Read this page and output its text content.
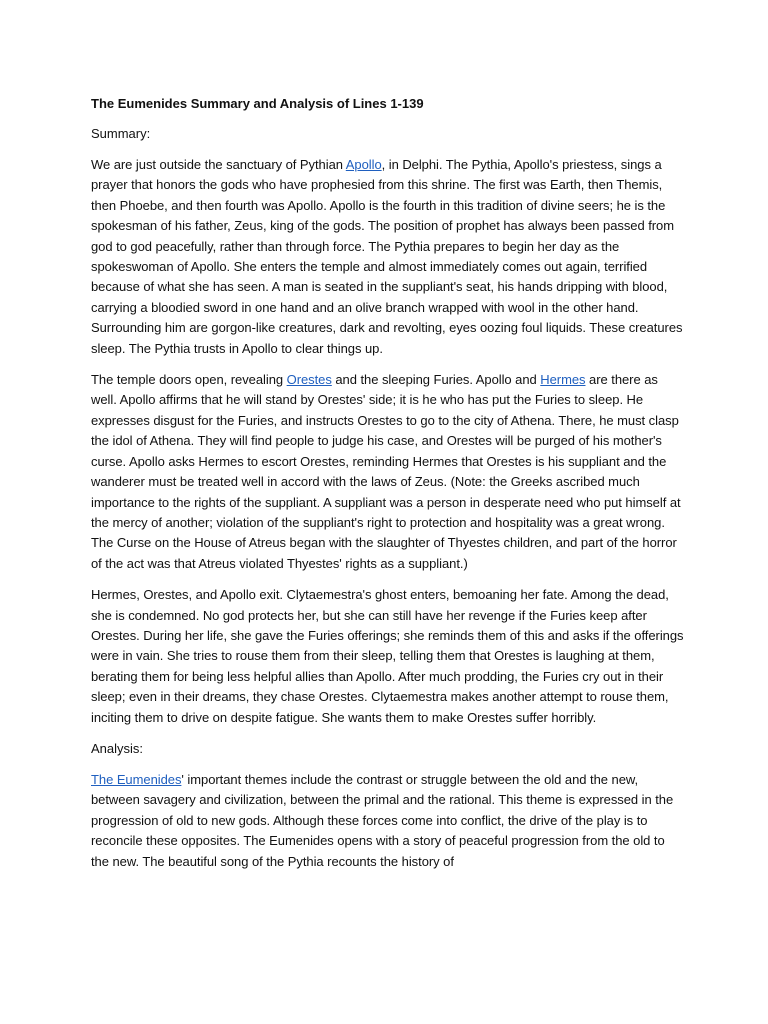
The Eumenides Summary and Analysis of Lines 1-139
Summary:

We are just outside the sanctuary of Pythian Apollo, in Delphi. The Pythia, Apollo's priestess, sings a prayer that honors the gods who have prophesied from this shrine. The first was Earth, then Themis, then Phoebe, and then fourth was Apollo. Apollo is the fourth in this tradition of divine seers; he is the spokesman of his father, Zeus, king of the gods. The position of prophet has always been passed from god to god peacefully, rather than through force. The Pythia prepares to begin her day as the spokeswoman of Apollo. She enters the temple and almost immediately comes out again, terrified because of what she has seen. A man is seated in the suppliant's seat, his hands dripping with blood, carrying a bloodied sword in one hand and an olive branch wrapped with wool in the other hand. Surrounding him are gorgon-like creatures, dark and revolting, eyes oozing foul liquids. These creatures sleep. The Pythia trusts in Apollo to clear things up.

The temple doors open, revealing Orestes and the sleeping Furies. Apollo and Hermes are there as well. Apollo affirms that he will stand by Orestes' side; it is he who has put the Furies to sleep. He expresses disgust for the Furies, and instructs Orestes to go to the city of Athena. There, he must clasp the idol of Athena. They will find people to judge his case, and Orestes will be purged of his mother's curse. Apollo asks Hermes to escort Orestes, reminding Hermes that Orestes is his suppliant and the wanderer must be treated well in accord with the laws of Zeus. (Note: the Greeks ascribed much importance to the rights of the suppliant. A suppliant was a person in desperate need who put himself at the mercy of another; violation of the suppliant's right to protection and hospitality was a great wrong. The Curse on the House of Atreus began with the slaughter of Thyestes children, and part of the horror of the act was that Atreus violated Thyestes' rights as a suppliant.)

Hermes, Orestes, and Apollo exit. Clytaemestra's ghost enters, bemoaning her fate. Among the dead, she is condemned. No god protects her, but she can still have her revenge if the Furies keep after Orestes. During her life, she gave the Furies offerings; she reminds them of this and asks if the offerings were in vain. She tries to rouse them from their sleep, telling them that Orestes is laughing at them, berating them for being less helpful allies than Apollo. After much prodding, the Furies cry out in their sleep; even in their dreams, they chase Orestes. Clytaemestra makes another attempt to rouse them, inciting them to drive on despite fatigue. She wants them to make Orestes suffer horribly.

Analysis:

The Eumenides' important themes include the contrast or struggle between the old and the new, between savagery and civilization, between the primal and the rational. This theme is expressed in the progression of old to new gods. Although these forces come into conflict, the drive of the play is to reconcile these opposites. The Eumenides opens with a story of peaceful progression from the old to the new. The beautiful song of the Pythia recounts the history of
